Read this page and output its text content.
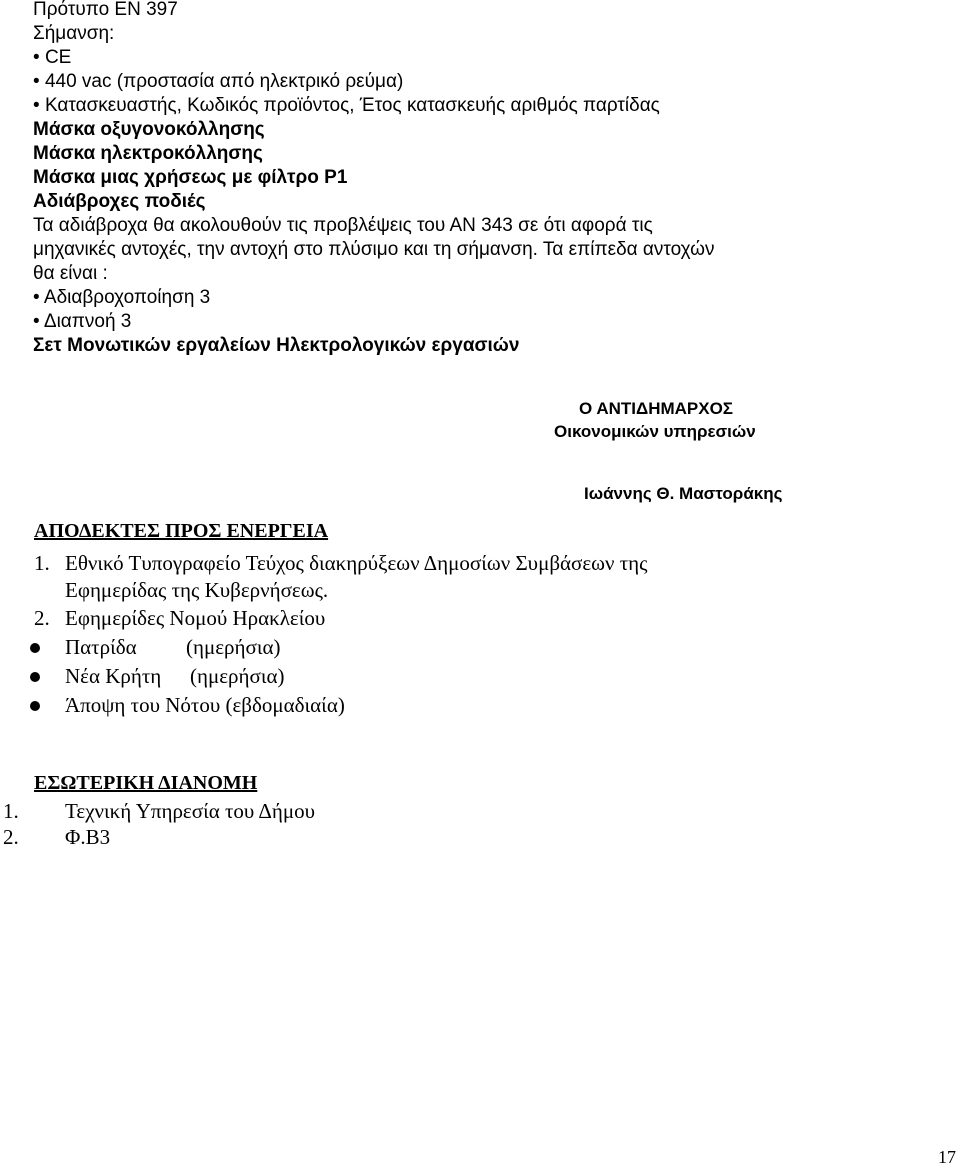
Πρότυπο ΕΝ 397
Σήμανση:
• CE
• 440 vac (προστασία από ηλεκτρικό ρεύμα)
• Κατασκευαστής, Κωδικός προϊόντος, Έτος κατασκευής αριθμός παρτίδας
Μάσκα οξυγονοκόλλησης
Μάσκα ηλεκτροκόλλησης
Μάσκα μιας χρήσεως με φίλτρο Ρ1
Αδιάβροχες ποδιές
Τα αδιάβροχα θα ακολουθούν τις προβλέψεις του ΑΝ 343 σε ότι αφορά τις
μηχανικές αντοχές, την αντοχή στο πλύσιμο και τη σήμανση. Τα επίπεδα αντοχών
θα είναι :
• Αδιαβροχοποίηση 3
• Διαπνοή 3
Σετ Μονωτικών εργαλείων Ηλεκτρολογικών εργασιών
Ο ΑΝΤΙΔΗΜΑΡΧΟΣ
Οικονομικών υπηρεσιών
Ιωάννης Θ. Μαστοράκης
ΑΠΟΔΕΚΤΕΣ ΠΡΟΣ ΕΝΕΡΓΕΙΑ
1. Εθνικό Τυπογραφείο Τεύχος διακηρύξεων Δημοσίων Συμβάσεων της
Εφημερίδας της Κυβερνήσεως.
2. Εφημερίδες Νομού Ηρακλείου
Πατρίδα (ημερήσια)
Νέα Κρήτη (ημερήσια)
Άποψη του Νότου (εβδομαδιαία)
ΕΣΩΤΕΡΙΚΗ ΔΙΑΝΟΜΗ
1. Τεχνική Υπηρεσία του Δήμου
2. Φ.Β3
17
